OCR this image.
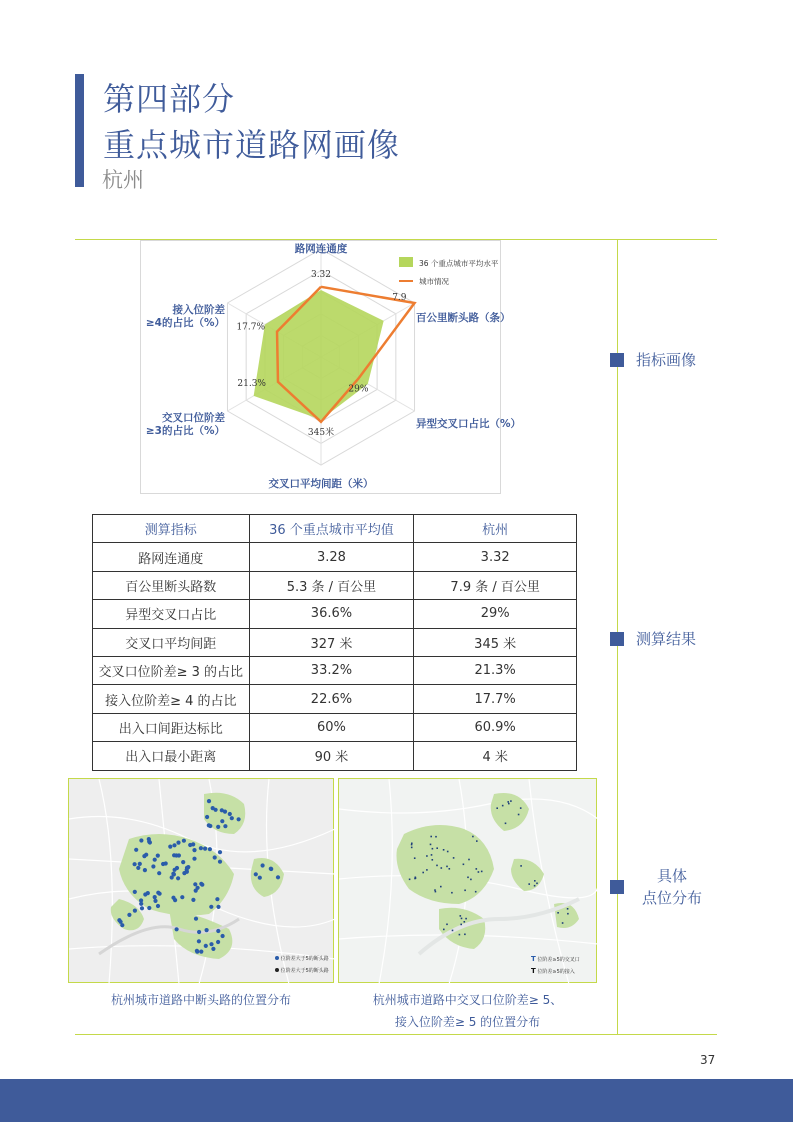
第四部分
重点城市道路网画像
杭州
路网连通度
百公里断头路（条）
异型交叉口占比（%）
交叉口平均间距（米）
交叉口位阶差≥3的占比（%）
接入位阶差≥4的占比（%）
3.32
7.9
29%
345米
21.3%
17.7%
36 个重点城市平均水平
城市情况
测算指标	36 个重点城市平均值	杭州
路网连通度	3.28	3.32
百公里断头路数	5.3 条 / 百公里	7.9 条 / 百公里
异型交叉口占比	36.6%	29%
交叉口平均间距	327 米	345 米
交叉口位阶差≥ 3 的占比	33.2%	21.3%
接入位阶差≥ 4 的占比	22.6%	17.7%
出入口间距达标比	60%	60.9%
出入口最小距离	90 米	4 米
位阶差大于5的断头路
位阶差大于5的断头路
T 位阶差≥5的交叉口
T 位阶差≥5的接入
杭州城市道路中断头路的位置分布	杭州城市道路中交叉口位阶差≥ 5、
接入位阶差≥ 5 的位置分布
指标画像
测算结果
具体
点位分布
37
